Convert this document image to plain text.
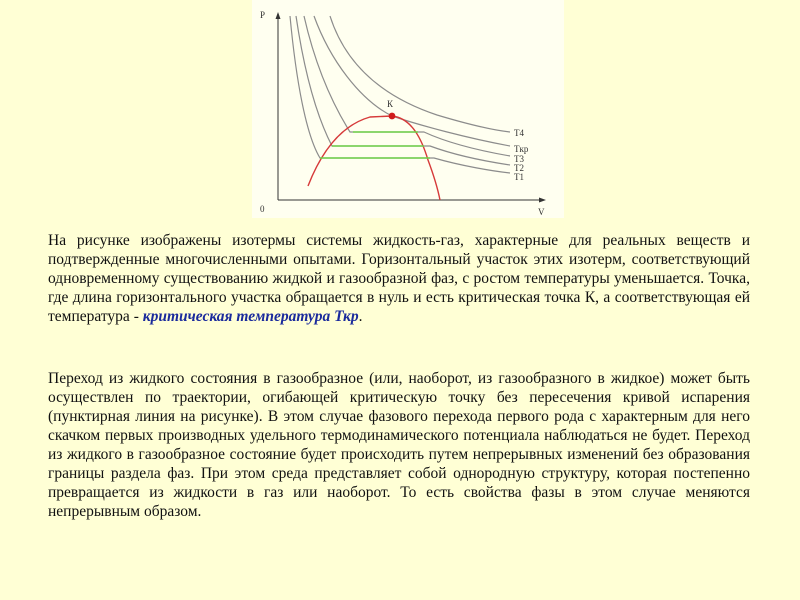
P
V
0
К
T4
Tкр
T3
T2
T1
На рисунке изображены изотермы системы жидкость-газ, характерные для реальных веществ и подтвержденные многочисленными опытами. Горизонтальный участок этих изотерм, соответствующий одновременному существованию жидкой и газообразной фаз, с ростом температуры уменьшается. Точка, где длина горизонтального участка обращается в нуль и есть критическая точка К, а соответствующая ей температура - критическая температура Ткр.
Переход из жидкого состояния в газообразное (или, наоборот, из газообразного в жидкое) может быть осуществлен по траектории, огибающей критическую точку без пересечения кривой испарения (пунктирная линия на рисунке). В этом случае фазового перехода первого рода с характерным для него скачком первых производных удельного термодинамического потенциала наблюдаться не будет. Переход из жидкого в газообразное состояние будет происходить путем непрерывных изменений без образования границы раздела фаз. При этом среда представляет собой однородную структуру, которая постепенно превращается из жидкости в газ или наоборот. То есть свойства фазы в этом случае меняются непрерывным образом.
